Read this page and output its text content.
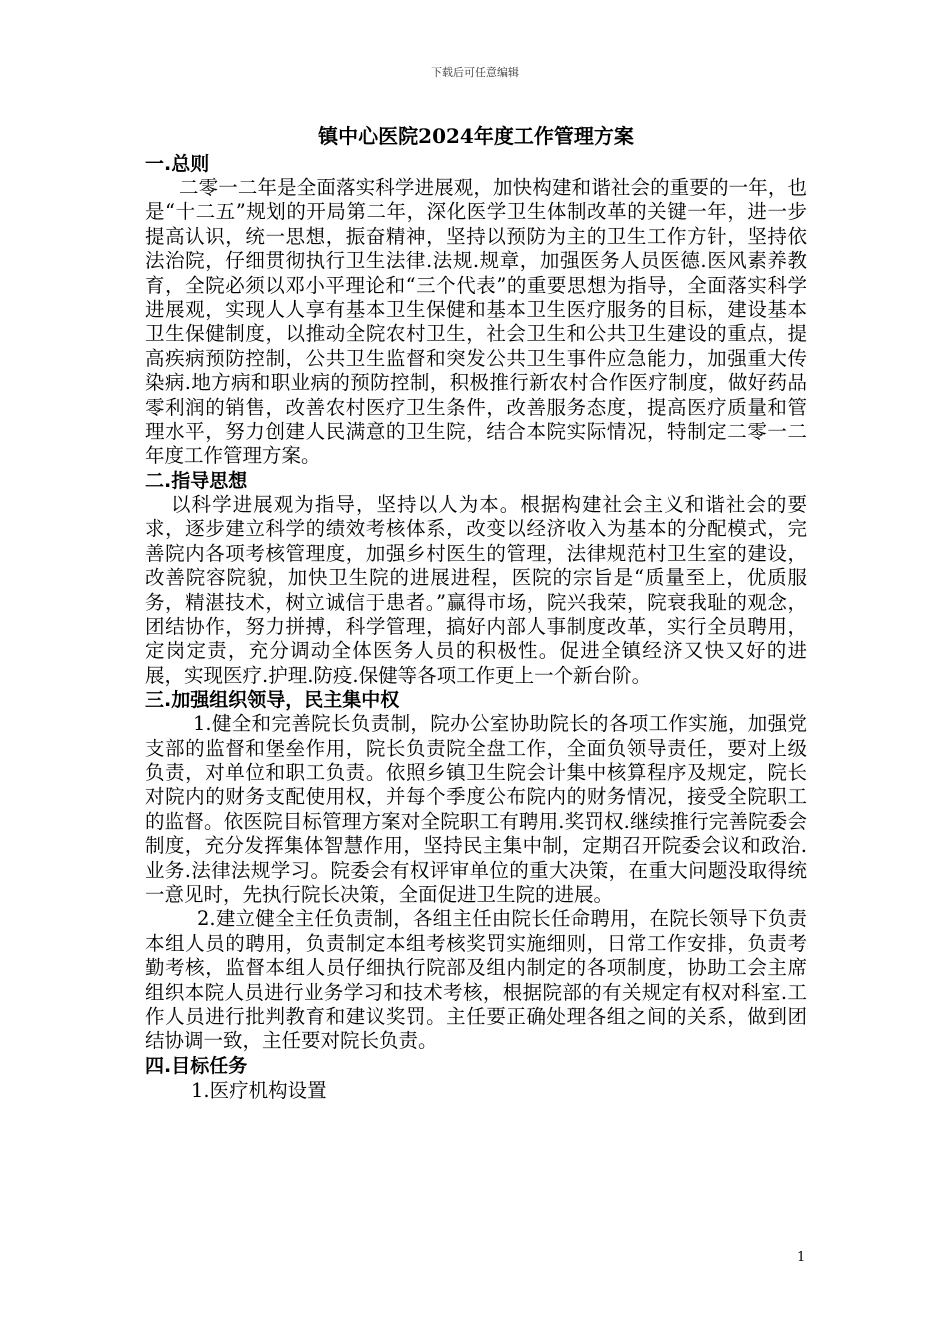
下载后可任意编辑
镇中心医院2024年度工作管理方案
一.总则

二零一二年是全面落实科学进展观，加快构建和谐社会的重要的一年，也是“十二五”规划的开局第二年，深化医学卫生体制改革的关键一年，进一步提高认识，统一思想，振奋精神，坚持以预防为主的卫生工作方针，坚持依法治院，仔细贯彻执行卫生法律.法规.规章，加强医务人员医德.医风素养教育，全院必须以邓小平理论和“三个代表”的重要思想为指导，全面落实科学进展观，实现人人享有基本卫生保健和基本卫生医疗服务的目标，建设基本卫生保健制度，以推动全院农村卫生，社会卫生和公共卫生建设的重点，提高疾病预防控制，公共卫生监督和突发公共卫生事件应急能力，加强重大传染病.地方病和职业病的预防控制，积极推行新农村合作医疗制度，做好药品零利润的销售，改善农村医疗卫生条件，改善服务态度，提高医疗质量和管理水平，努力创建人民满意的卫生院，结合本院实际情况，特制定二零一二年度工作管理方案。

二.指导思想

以科学进展观为指导，坚持以人为本。根据构建社会主义和谐社会的要求，逐步建立科学的绩效考核体系，改变以经济收入为基本的分配模式，完善院内各项考核管理度，加强乡村医生的管理，法律规范村卫生室的建设，改善院容院貌，加快卫生院的进展进程，医院的宗旨是“质量至上，优质服务，精湛技术，树立诚信于患者。”赢得市场，院兴我荣，院衰我耻的观念，团结协作，努力拼搏，科学管理，搞好内部人事制度改革，实行全员聘用，定岗定责，充分调动全体医务人员的积极性。促进全镇经济又快又好的进展，实现医疗.护理.防疫.保健等各项工作更上一个新台阶。

三.加强组织领导，民主集中权

1.健全和完善院长负责制，院办公室协助院长的各项工作实施，加强党支部的监督和堡垒作用，院长负责院全盘工作，全面负领导责任，要对上级负责，对单位和职工负责。依照乡镇卫生院会计集中核算程序及规定，院长对院内的财务支配使用权，并每个季度公布院内的财务情况，接受全院职工的监督。依医院目标管理方案对全院职工有聘用.奖罚权.继续推行完善院委会制度，充分发挥集体智慧作用，坚持民主集中制，定期召开院委会议和政治.业务.法律法规学习。院委会有权评审单位的重大决策，在重大问题没取得统一意见时，先执行院长决策，全面促进卫生院的进展。

2.建立健全主任负责制，各组主任由院长任命聘用，在院长领导下负责本组人员的聘用，负责制定本组考核奖罚实施细则，日常工作安排，负责考勤考核，监督本组人员仔细执行院部及组内制定的各项制度，协助工会主席组织本院人员进行业务学习和技术考核，根据院部的有关规定有权对科室.工作人员进行批判教育和建议奖罚。主任要正确处理各组之间的关系，做到团结协调一致，主任要对院长负责。

四.目标任务

1.医疗机构设置

1
